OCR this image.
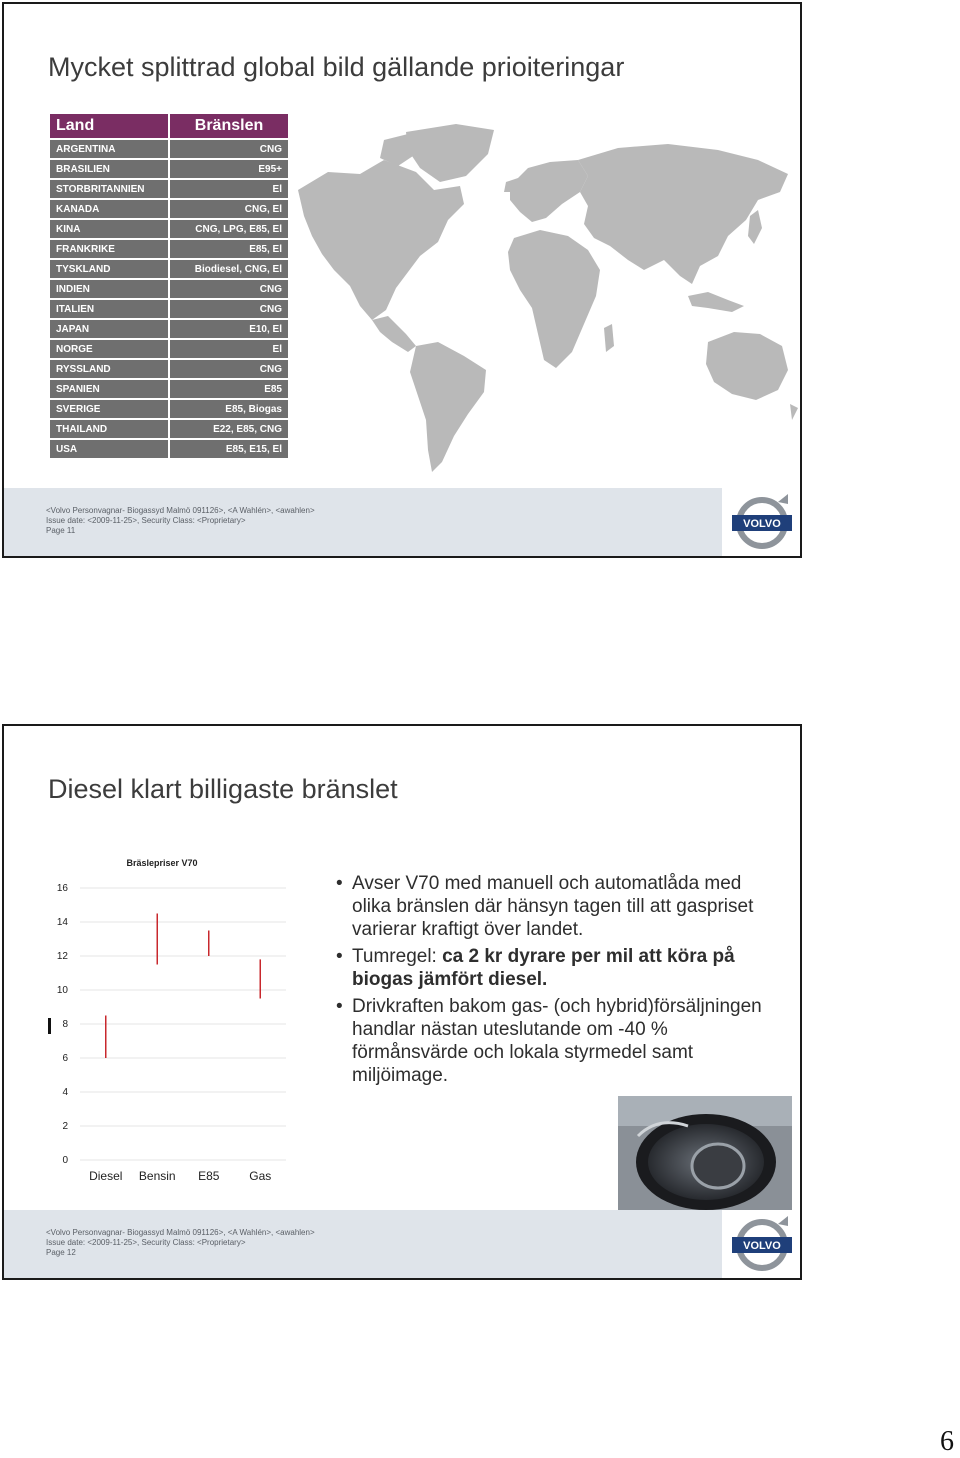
Mycket splittrad global bild gällande prioiteringar
Land	Bränslen
ARGENTINA	CNG
BRASILIEN	E95+
STORBRITANNIEN	El
KANADA	CNG, El
KINA	CNG, LPG, E85, El
FRANKRIKE	E85, El
TYSKLAND	Biodiesel, CNG, El
INDIEN	CNG
ITALIEN	CNG
JAPAN	E10, El
NORGE	El
RYSSLAND	CNG
SPANIEN	E85
SVERIGE	E85, Biogas
THAILAND	E22, E85, CNG
USA	E85, E15, El
<Volvo Personvagnar- Biogassyd Malmö 091126>, <A Wahlén>, <awahlen>
Issue date: <2009-11-25>, Security Class: <Proprietary>
Page 11
VOLVO
Diesel klart billigaste bränslet
Bräslepriser V70
0
2
4
6
8
10
12
14
16
Diesel Bensin E85 Gas
• Avser V70 med manuell och automatlåda med olika bränslen där hänsyn tagen till att gaspriset varierar kraftigt över landet.
• Tumregel: ca 2 kr dyrare per mil att köra på biogas jämfört diesel.
• Drivkraften bakom gas- (och hybrid)försäljningen handlar nästan uteslutande om -40 % förmånsvärde och lokala styrmedel samt miljöimage.
<Volvo Personvagnar- Biogassyd Malmö 091126>, <A Wahlén>, <awahlen>
Issue date: <2009-11-25>, Security Class: <Proprietary>
Page 12
VOLVO
6
